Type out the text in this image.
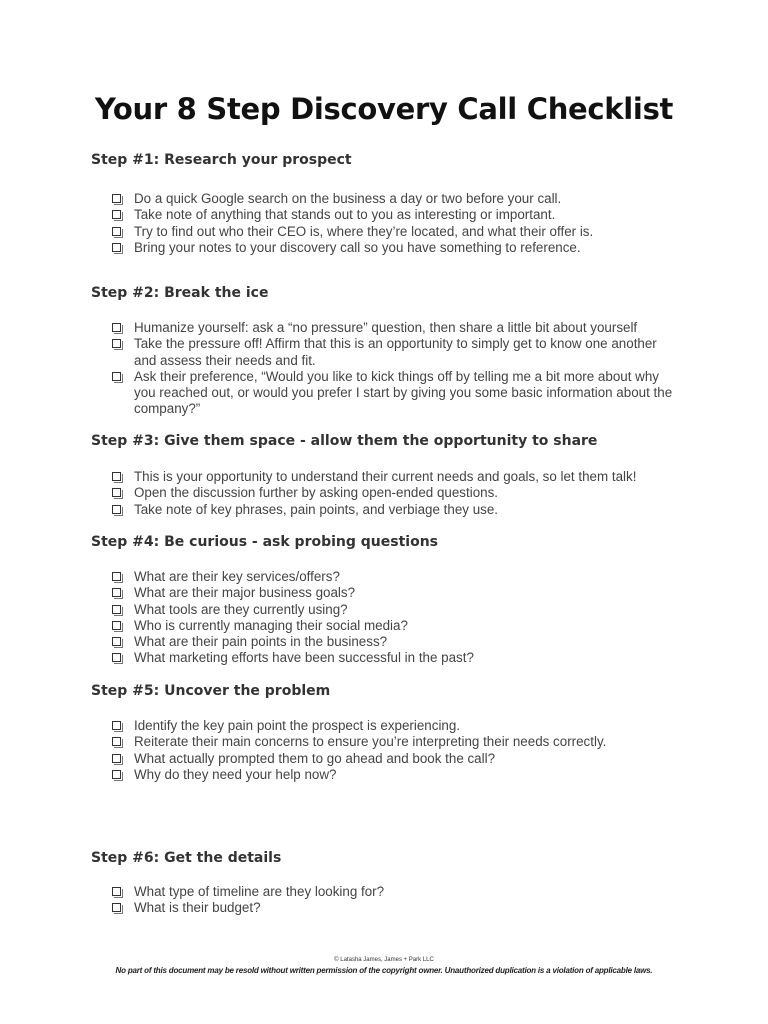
Your 8 Step Discovery Call Checklist
Step #1: Research your prospect
Do a quick Google search on the business a day or two before your call.
Take note of anything that stands out to you as interesting or important.
Try to find out who their CEO is, where they’re located, and what their offer is.
Bring your notes to your discovery call so you have something to reference.
Step #2: Break the ice
Humanize yourself: ask a “no pressure” question, then share a little bit about yourself
Take the pressure off! Affirm that this is an opportunity to simply get to know one another and assess their needs and fit.
Ask their preference, “Would you like to kick things off by telling me a bit more about why you reached out, or would you prefer I start by giving you some basic information about the company?”
Step #3: Give them space - allow them the opportunity to share
This is your opportunity to understand their current needs and goals, so let them talk!
Open the discussion further by asking open-ended questions.
Take note of key phrases, pain points, and verbiage they use.
Step #4: Be curious - ask probing questions
What are their key services/offers?
What are their major business goals?
What tools are they currently using?
Who is currently managing their social media?
What are their pain points in the business?
What marketing efforts have been successful in the past?
Step #5: Uncover the problem
Identify the key pain point the prospect is experiencing.
Reiterate their main concerns to ensure you’re interpreting their needs correctly.
What actually prompted them to go ahead and book the call?
Why do they need your help now?
Step #6: Get the details
What type of timeline are they looking for?
What is their budget?
© Latasha James, James + Park LLC
No part of this document may be resold without written permission of the copyright owner. Unauthorized duplication is a violation of applicable laws.
